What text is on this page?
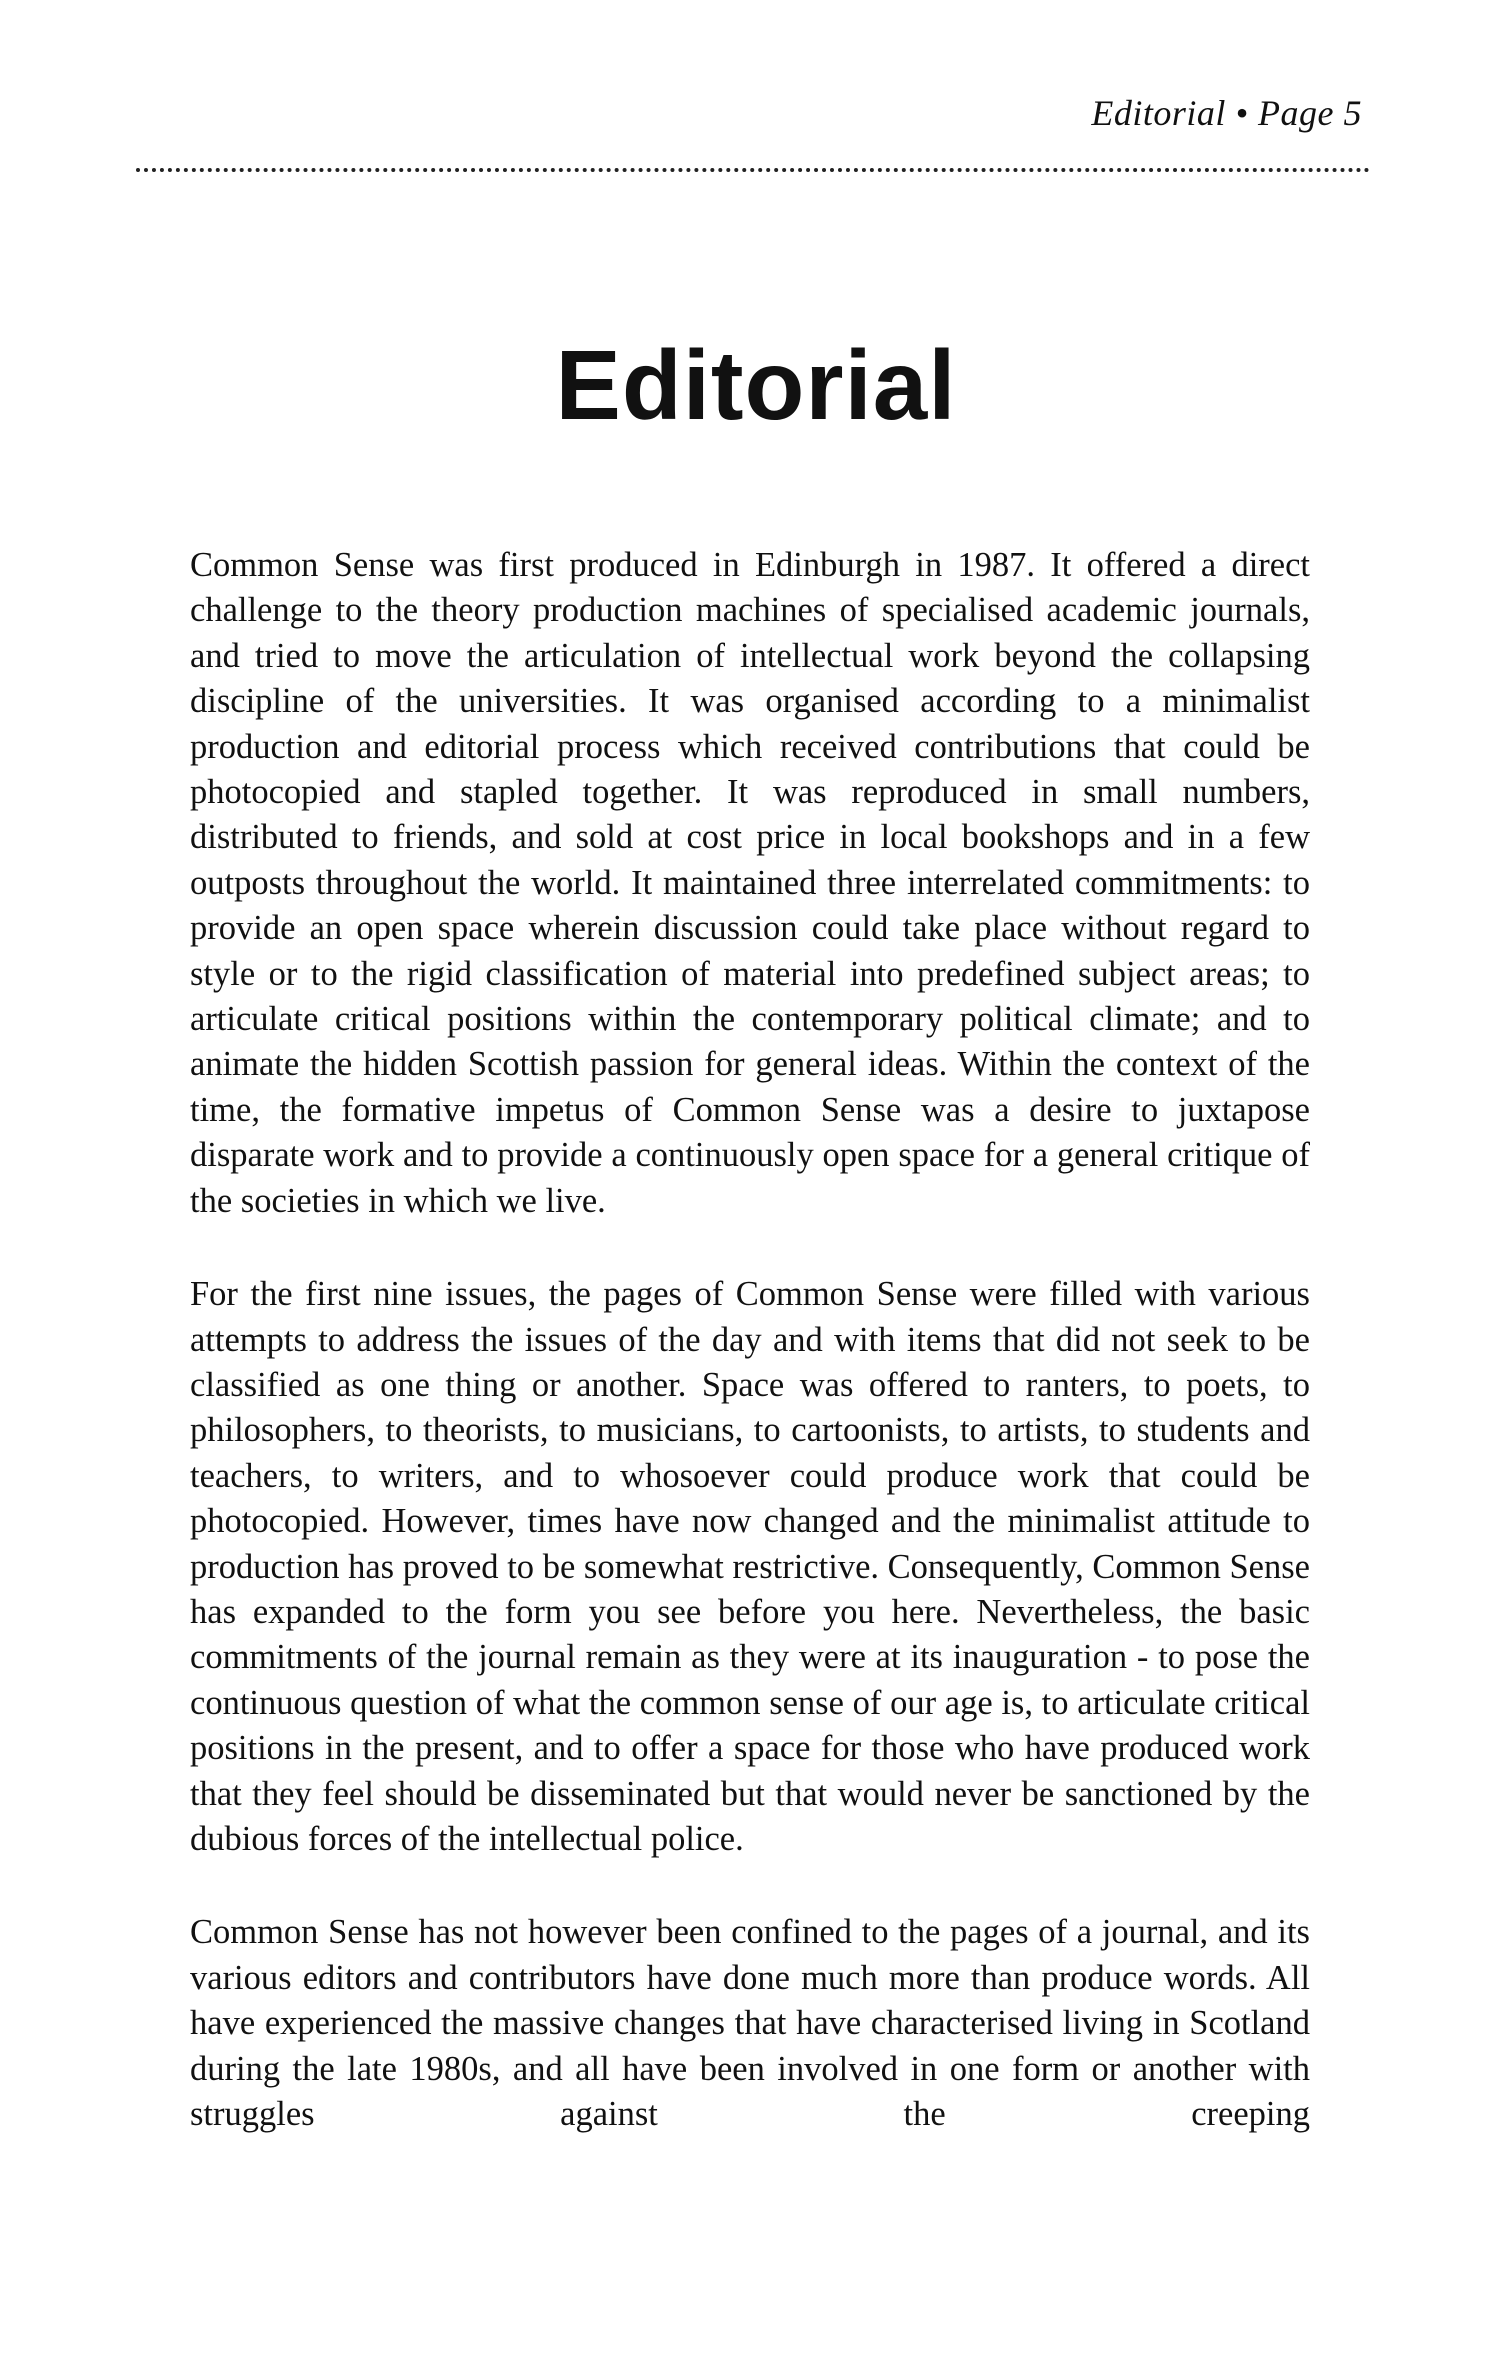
Editorial • Page 5
Editorial

Common Sense was first produced in Edinburgh in 1987. It offered a direct challenge to the theory production machines of specialised academic journals, and tried to move the articulation of intellectual work beyond the collapsing discipline of the universities. It was organised according to a minimalist production and editorial process which received contributions that could be photocopied and stapled together. It was reproduced in small numbers, distributed to friends, and sold at cost price in local bookshops and in a few outposts throughout the world. It maintained three interrelated commitments: to provide an open space wherein discussion could take place without regard to style or to the rigid classification of material into predefined subject areas; to articulate critical positions within the contemporary political climate; and to animate the hidden Scottish passion for general ideas. Within the context of the time, the formative impetus of Common Sense was a desire to juxtapose disparate work and to provide a continuously open space for a general critique of the societies in which we live.

For the first nine issues, the pages of Common Sense were filled with various attempts to address the issues of the day and with items that did not seek to be classified as one thing or another. Space was offered to ranters, to poets, to philosophers, to theorists, to musicians, to cartoonists, to artists, to students and teachers, to writers, and to whosoever could produce work that could be photocopied. However, times have now changed and the minimalist attitude to production has proved to be somewhat restrictive. Consequently, Common Sense has expanded to the form you see before you here. Nevertheless, the basic commitments of the journal remain as they were at its inauguration - to pose the continuous question of what the common sense of our age is, to articulate critical positions in the present, and to offer a space for those who have produced work that they feel should be disseminated but that would never be sanctioned by the dubious forces of the intellectual police.

Common Sense has not however been confined to the pages of a journal, and its various editors and contributors have done much more than produce words. All have experienced the massive changes that have characterised living in Scotland during the late 1980s, and all have been involved in one form or another with struggles against the creeping
